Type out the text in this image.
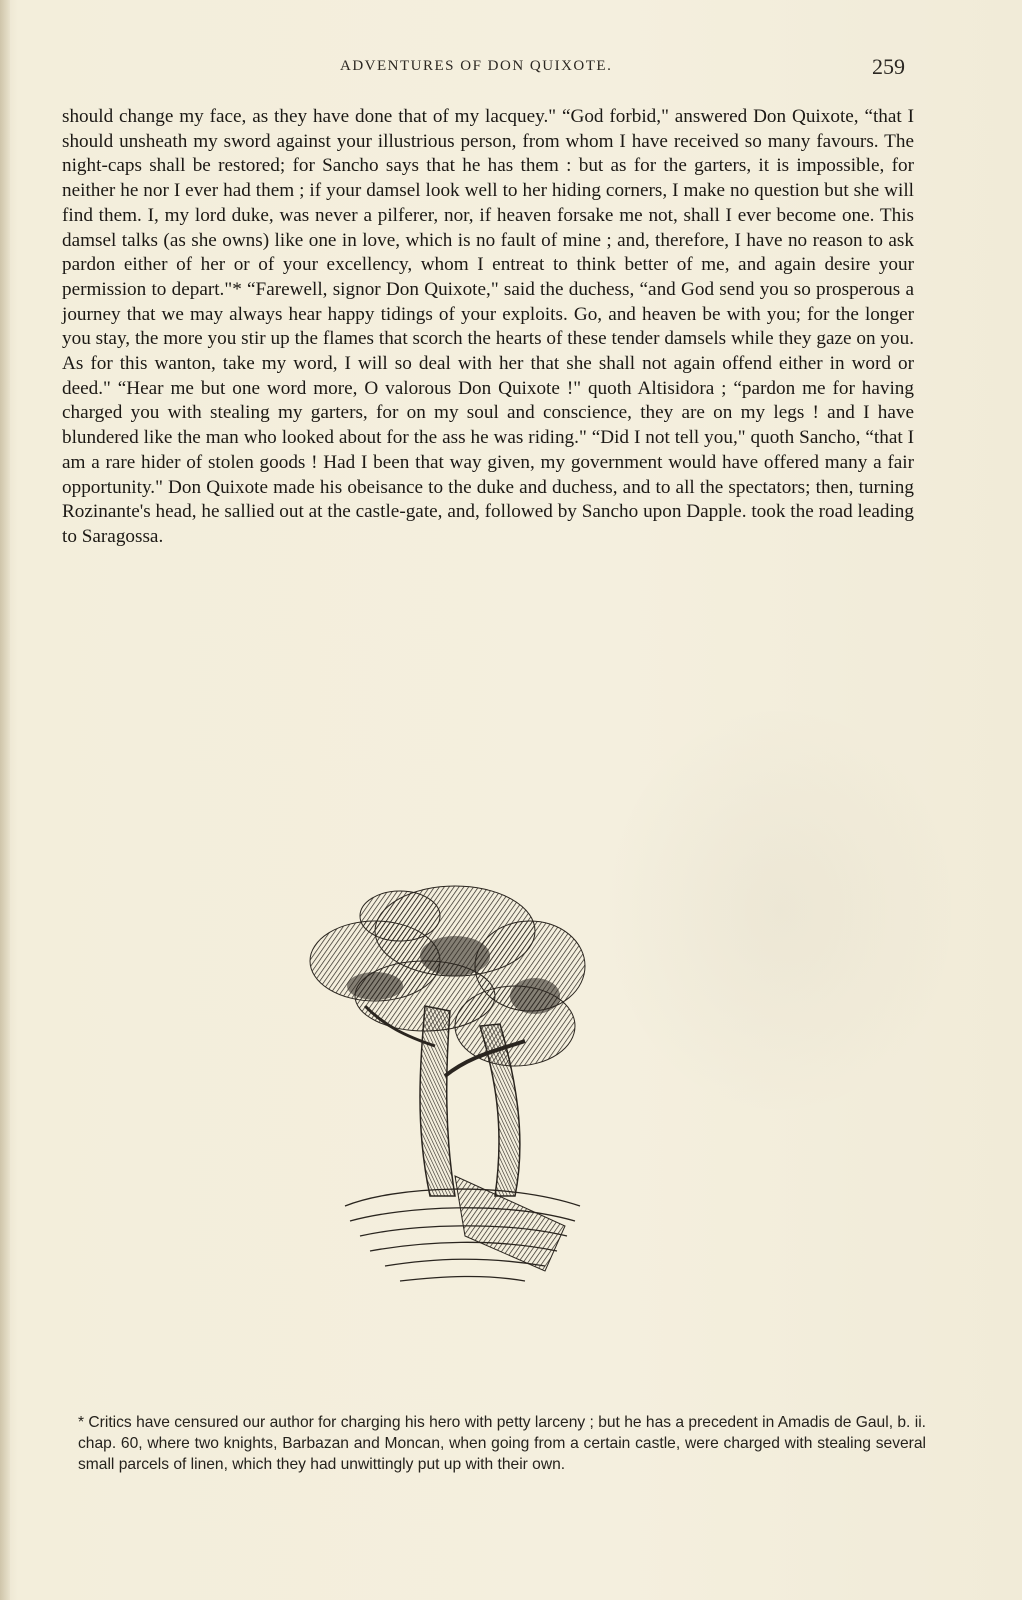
ADVENTURES OF DON QUIXOTE.	259

should change my face, as they have done that of my lacquey." “God forbid," answered Don Quixote, “that I should unsheath my sword against your illustrious person, from whom I have received so many favours. The night-caps shall be restored; for Sancho says that he has them : but as for the garters, it is impossible, for neither he nor I ever had them ; if your damsel look well to her hiding corners, I make no question but she will find them. I, my lord duke, was never a pilferer, nor, if heaven forsake me not, shall I ever become one. This damsel talks (as she owns) like one in love, which is no fault of mine ; and, therefore, I have no reason to ask pardon either of her or of your excellency, whom I entreat to think better of me, and again desire your permission to depart."* “Farewell, signor Don Quixote," said the duchess, “and God send you so prosperous a journey that we may always hear happy tidings of your exploits. Go, and heaven be with you; for the longer you stay, the more you stir up the flames that scorch the hearts of these tender damsels while they gaze on you. As for this wanton, take my word, I will so deal with her that she shall not again offend either in word or deed." “Hear me but one word more, O valorous Don Quixote !" quoth Altisidora ; “pardon me for having charged you with stealing my garters, for on my soul and conscience, they are on my legs ! and I have blundered like the man who looked about for the ass he was riding." “Did I not tell you," quoth Sancho, “that I am a rare hider of stolen goods ! Had I been that way given, my government would have offered many a fair opportunity." Don Quixote made his obeisance to the duke and duchess, and to all the spectators; then, turning Rozinante's head, he sallied out at the castle-gate, and, followed by Sancho upon Dapple. took the road leading to Saragossa.

* Critics have censured our author for charging his hero with petty larceny ; but he has a precedent in Amadis de Gaul, b. ii. chap. 60, where two knights, Barbazan and Moncan, when going from a certain castle, were charged with stealing several small parcels of linen, which they had unwittingly put up with their own.
